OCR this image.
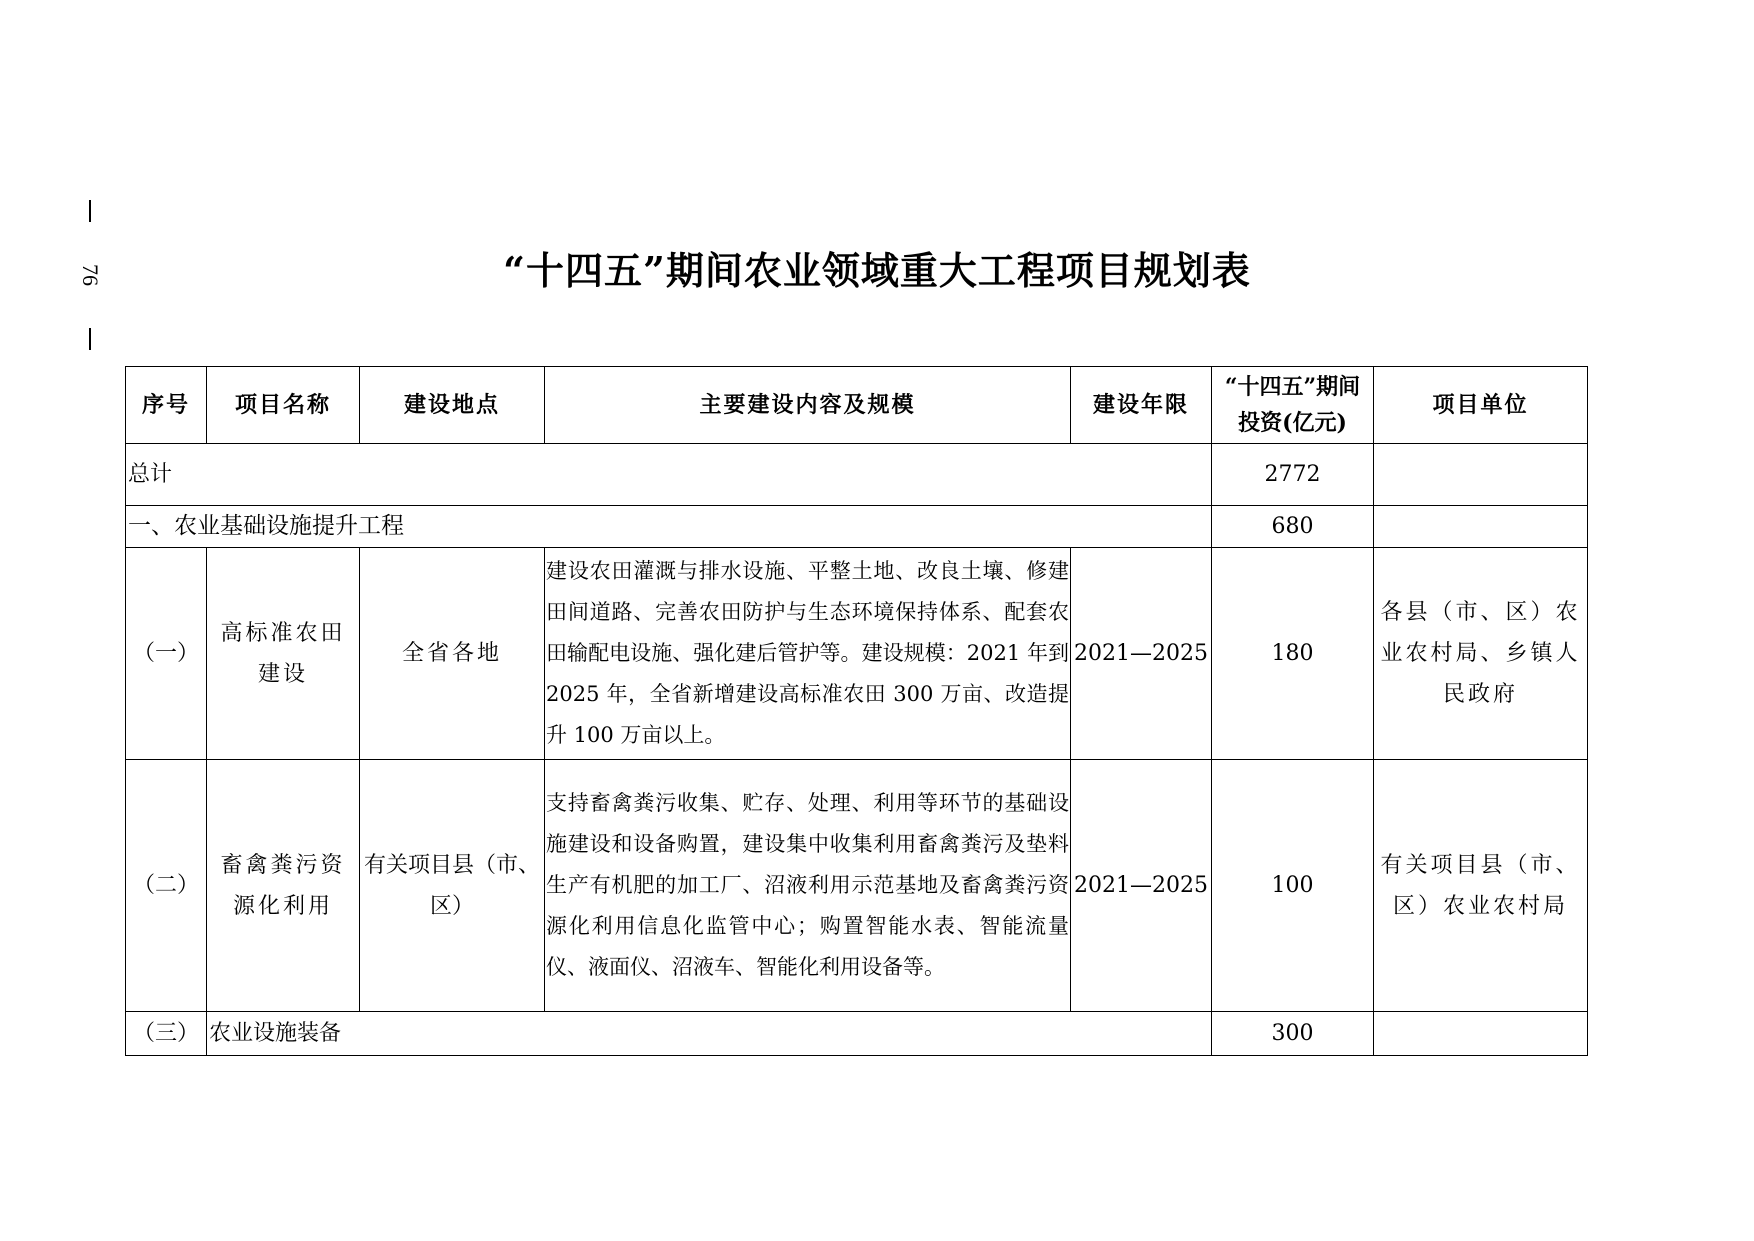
76	“十四五”期间农业领域重大工程项目规划表
序号	项目名称	建设地点	主要建设内容及规模	建设年限	“十四五”期间投资(亿元)	项目单位
总计					2772	
一、农业基础设施提升工程					680	
（一）	高标准农田建设	全省各地	建设农田灌溉与排水设施、平整土地、改良土壤、修建田间道路、完善农田防护与生态环境保持体系、配套农田输配电设施、强化建后管护等。建设规模：2021 年到 2025 年，全省新增建设高标准农田 300 万亩、改造提升 100 万亩以上。	2021—2025	180	各县（市、区）农业农村局、乡镇人民政府
（二）	畜禽粪污资源化利用	有关项目县（市、区）	支持畜禽粪污收集、贮存、处理、利用等环节的基础设施建设和设备购置，建设集中收集利用畜禽粪污及垫料生产有机肥的加工厂、沼液利用示范基地及畜禽粪污资源化利用信息化监管中心；购置智能水表、智能流量仪、液面仪、沼液车、智能化利用设备等。	2021—2025	100	有关项目县（市、区）农业农村局
（三）	农业设施装备				300	
